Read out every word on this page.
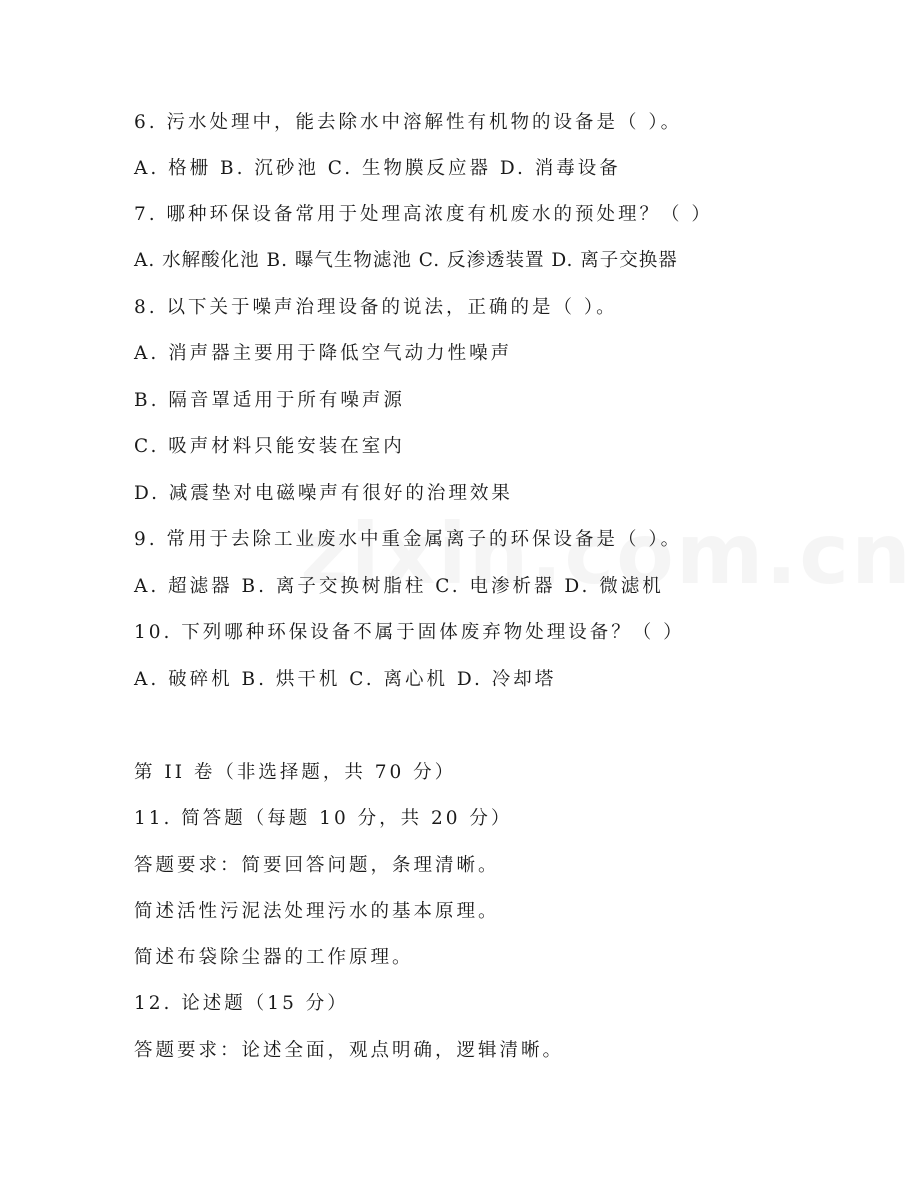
6. 污水处理中，能去除水中溶解性有机物的设备是（ ）。
A. 格栅 B. 沉砂池 C. 生物膜反应器 D. 消毒设备
7. 哪种环保设备常用于处理高浓度有机废水的预处理？（ ）
A. 水解酸化池 B. 曝气生物滤池 C. 反渗透装置 D. 离子交换器
8. 以下关于噪声治理设备的说法，正确的是（ ）。
A. 消声器主要用于降低空气动力性噪声
B. 隔音罩适用于所有噪声源
C. 吸声材料只能安装在室内
D. 减震垫对电磁噪声有很好的治理效果
9. 常用于去除工业废水中重金属离子的环保设备是（ ）。
A. 超滤器 B. 离子交换树脂柱 C. 电渗析器 D. 微滤机
10. 下列哪种环保设备不属于固体废弃物处理设备？（ ）
A. 破碎机 B. 烘干机 C. 离心机 D. 冷却塔
第 II 卷（非选择题，共 70 分）
11. 简答题（每题 10 分，共 20 分）
答题要求：简要回答问题，条理清晰。
简述活性污泥法处理污水的基本原理。
简述布袋除尘器的工作原理。
12. 论述题（15 分）
答题要求：论述全面，观点明确，逻辑清晰。
